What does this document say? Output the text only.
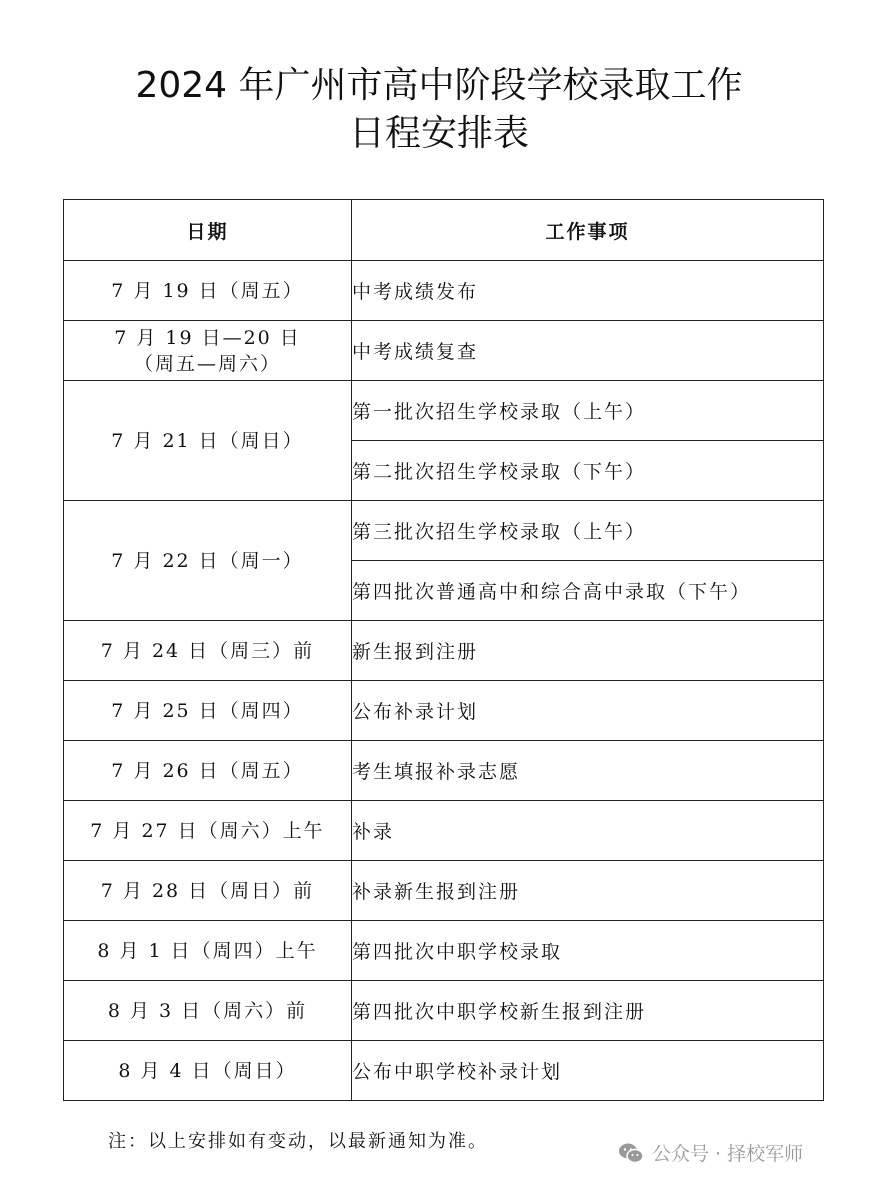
2024 年广州市高中阶段学校录取工作
日程安排表
日期	工作事项
7 月 19 日（周五）	中考成绩发布
7 月 19 日—20 日
（周五—周六）	中考成绩复查
7 月 21 日（周日）	第一批次招生学校录取（上午）
	第二批次招生学校录取（下午）
7 月 22 日（周一）	第三批次招生学校录取（上午）
	第四批次普通高中和综合高中录取（下午）
7 月 24 日（周三）前	新生报到注册
7 月 25 日（周四）	公布补录计划
7 月 26 日（周五）	考生填报补录志愿
7 月 27 日（周六）上午	补录
7 月 28 日（周日）前	补录新生报到注册
8 月 1 日（周四）上午	第四批次中职学校录取
8 月 3 日（周六）前	第四批次中职学校新生报到注册
8 月 4 日（周日）	公布中职学校补录计划
注：以上安排如有变动，以最新通知为准。
公众号 · 择校军师
